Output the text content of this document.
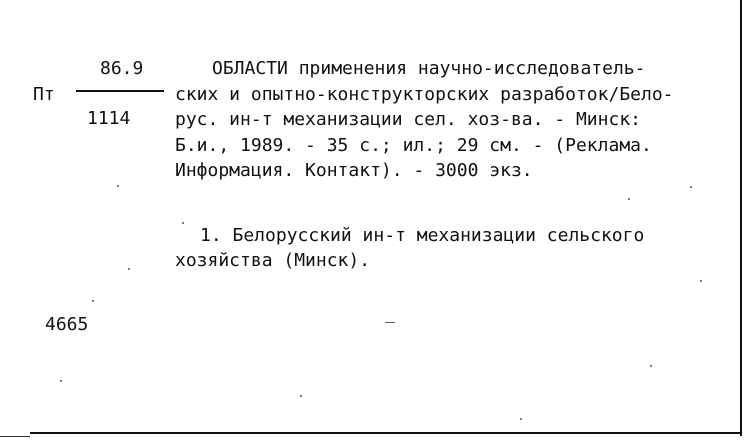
86.9
Пт
1114
ОБЛАСТИ применения научно-исследователь-
ских и опытно-конструкторских разработок/Бело-
рус. ин-т механизации сел. хоз-ва. - Минск:
Б.и., 1989. - 35 с.; ил.; 29 см. - (Реклама.
Информация. Контакт). - 3000 экз.
1. Белорусский ин-т механизации сельского
хозяйства (Минск).
4665
